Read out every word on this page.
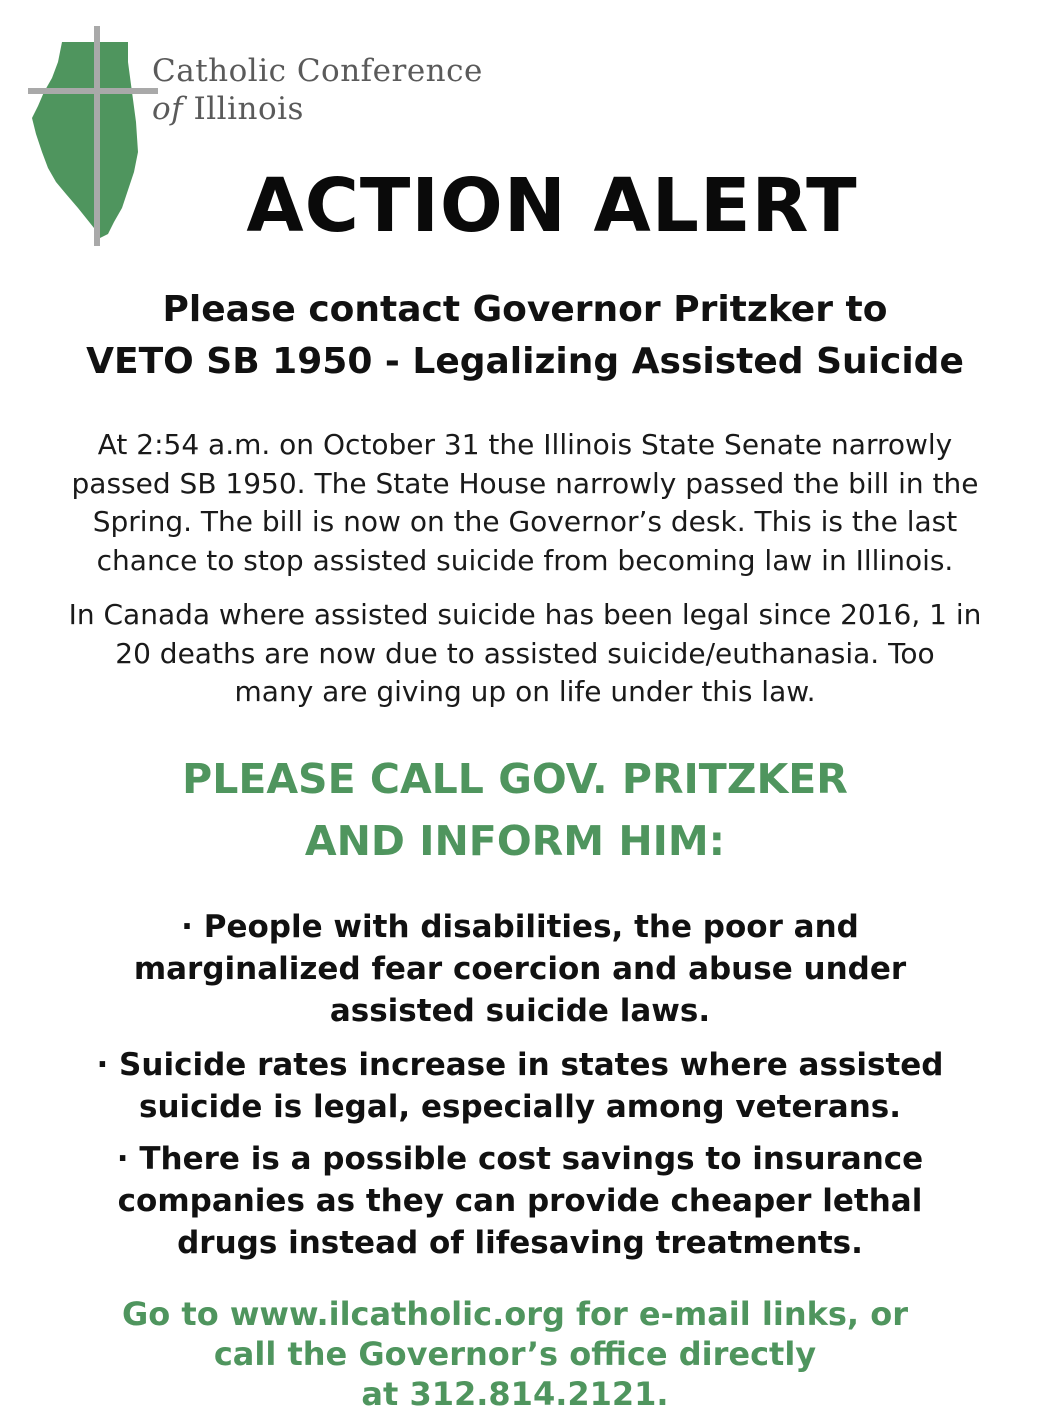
Catholic Conference
of Illinois
ACTION ALERT
Please contact Governor Pritzker to
VETO SB 1950 - Legalizing Assisted Suicide
At 2:54 a.m. on October 31 the Illinois State Senate narrowly
passed SB 1950. The State House narrowly passed the bill in the
Spring. The bill is now on the Governor’s desk. This is the last
chance to stop assisted suicide from becoming law in Illinois.
In Canada where assisted suicide has been legal since 2016, 1 in
20 deaths are now due to assisted suicide/euthanasia. Too
many are giving up on life under this law.
PLEASE CALL GOV. PRITZKER
AND INFORM HIM:
· People with disabilities, the poor and
marginalized fear coercion and abuse under
assisted suicide laws.
· Suicide rates increase in states where assisted
suicide is legal, especially among veterans.
· There is a possible cost savings to insurance
companies as they can provide cheaper lethal
drugs instead of lifesaving treatments.
Go to www.ilcatholic.org for e-mail links, or
call the Governor’s office directly
at 312.814.2121.
